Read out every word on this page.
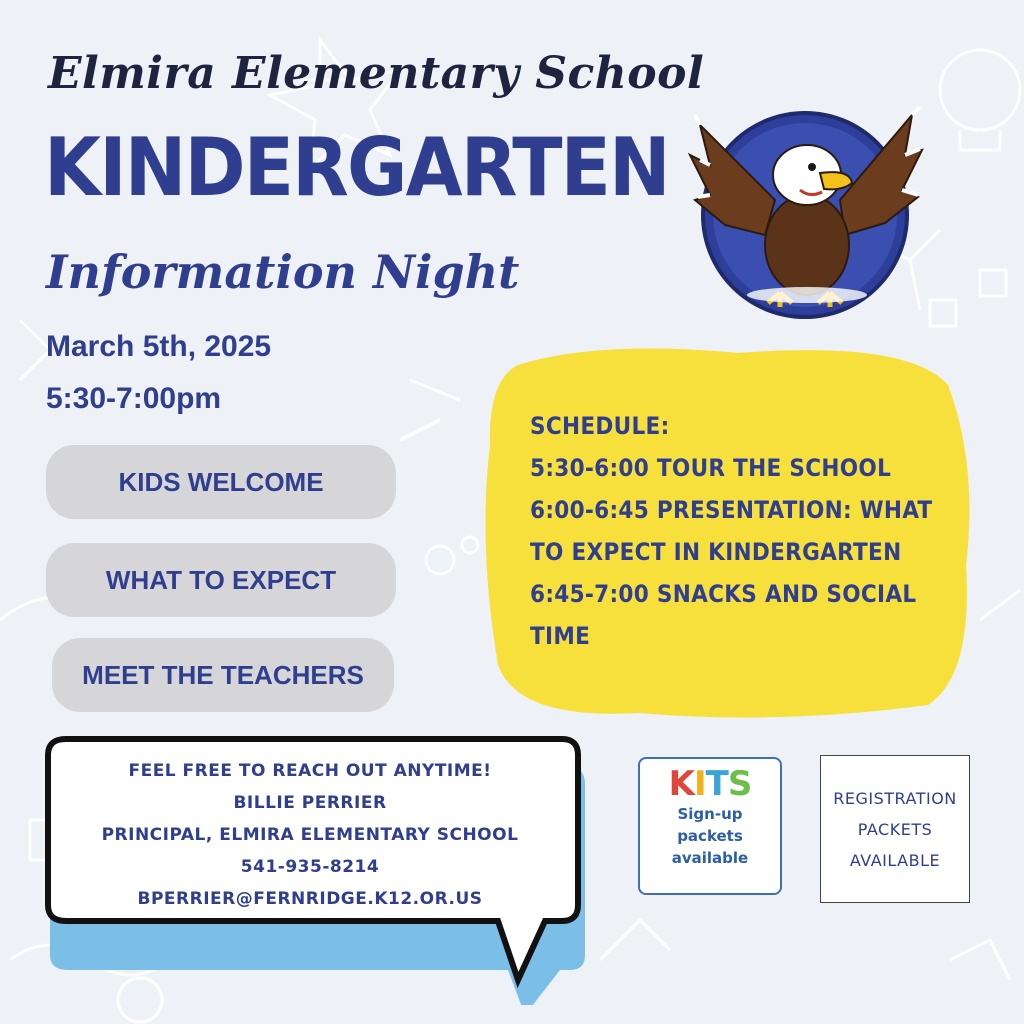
Elmira Elementary School
KINDERGARTEN
Information Night
March 5th, 2025
5:30-7:00pm
KIDS WELCOME
WHAT TO EXPECT
MEET THE TEACHERS
SCHEDULE:
5:30-6:00 TOUR THE SCHOOL
6:00-6:45 PRESENTATION: WHAT TO EXPECT IN KINDERGARTEN
6:45-7:00 SNACKS AND SOCIAL TIME
FEEL FREE TO REACH OUT ANYTIME!
BILLIE PERRIER
PRINCIPAL, ELMIRA ELEMENTARY SCHOOL
541-935-8214
BPERRIER@FERNRIDGE.K12.OR.US
KITS
Sign-up
packets
available
REGISTRATION
PACKETS
AVAILABLE
